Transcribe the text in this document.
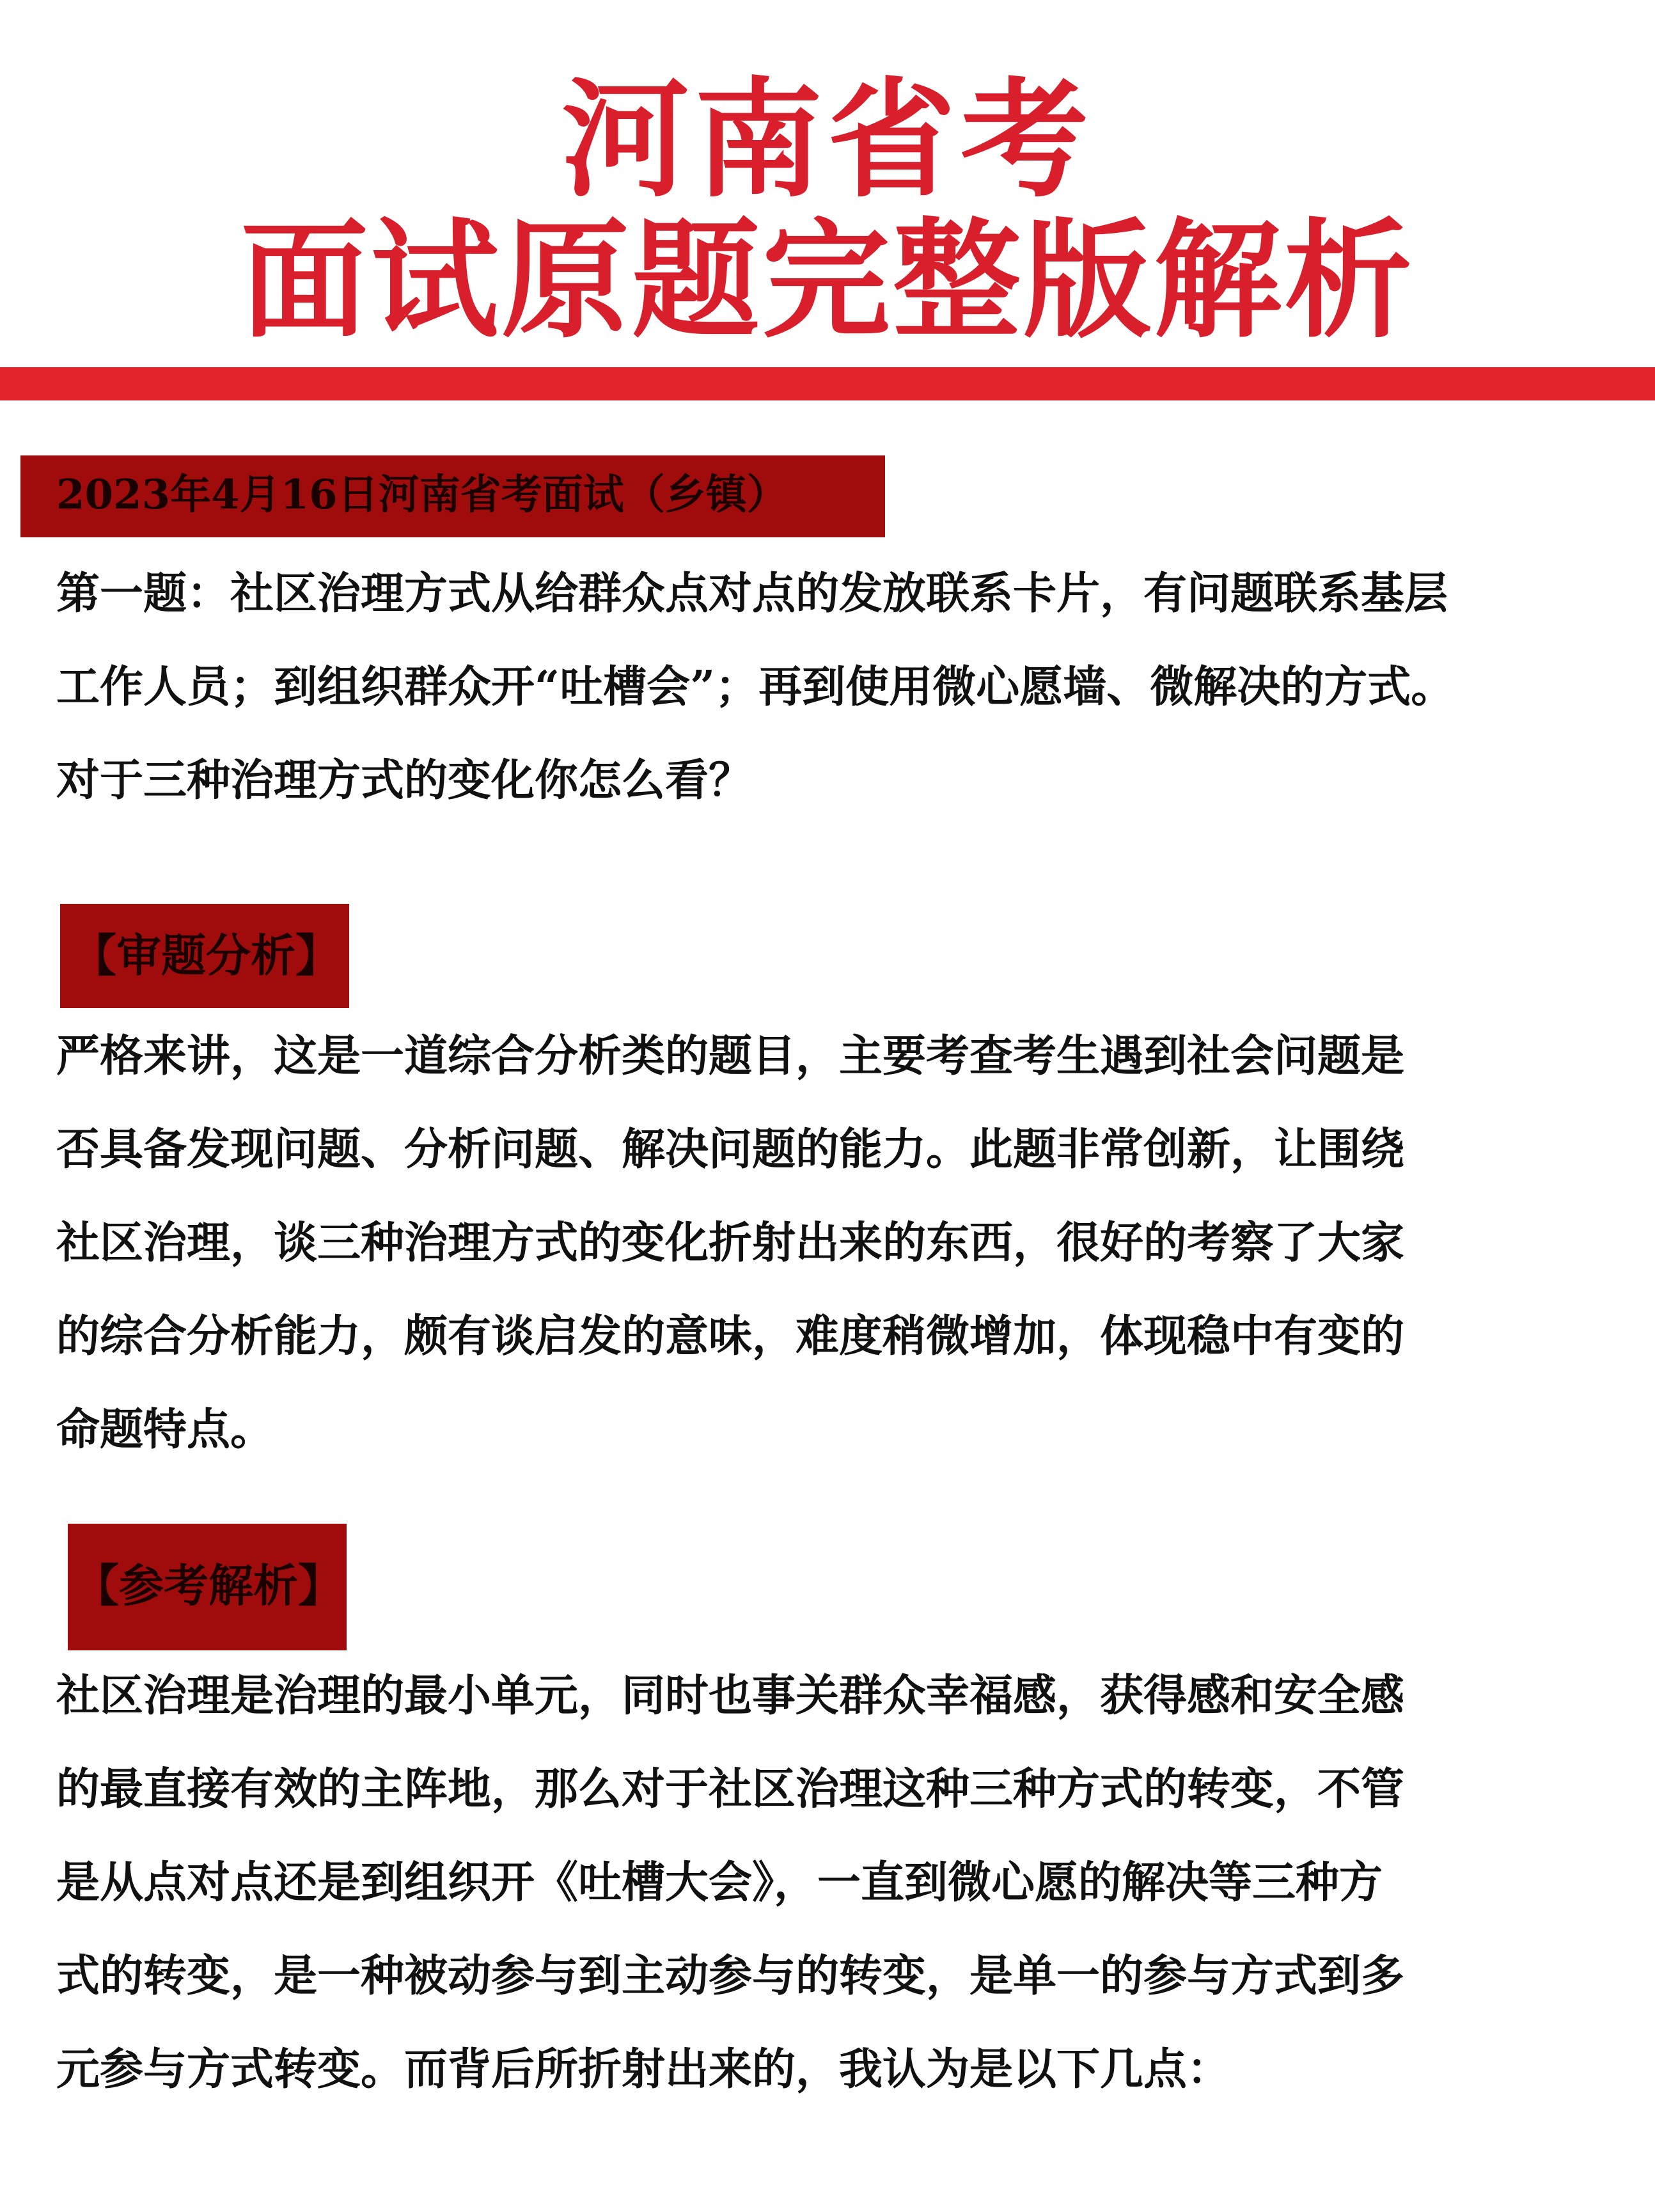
河南省考
面试原题完整版解析
2023年4月16日河南省考面试（乡镇）
第一题：社区治理方式从给群众点对点的发放联系卡片，有问题联系基层
工作人员；到组织群众开“吐槽会”；再到使用微心愿墙、微解决的方式。
对于三种治理方式的变化你怎么看？
【审题分析】
严格来讲，这是一道综合分析类的题目，主要考查考生遇到社会问题是
否具备发现问题、分析问题、解决问题的能力。此题非常创新，让围绕
社区治理，谈三种治理方式的变化折射出来的东西，很好的考察了大家
的综合分析能力，颇有谈启发的意味，难度稍微增加，体现稳中有变的
命题特点。
【参考解析】
社区治理是治理的最小单元，同时也事关群众幸福感，获得感和安全感
的最直接有效的主阵地，那么对于社区治理这种三种方式的转变，不管
是从点对点还是到组织开《吐槽大会》，一直到微心愿的解决等三种方
式的转变，是一种被动参与到主动参与的转变，是单一的参与方式到多
元参与方式转变。而背后所折射出来的，我认为是以下几点：
